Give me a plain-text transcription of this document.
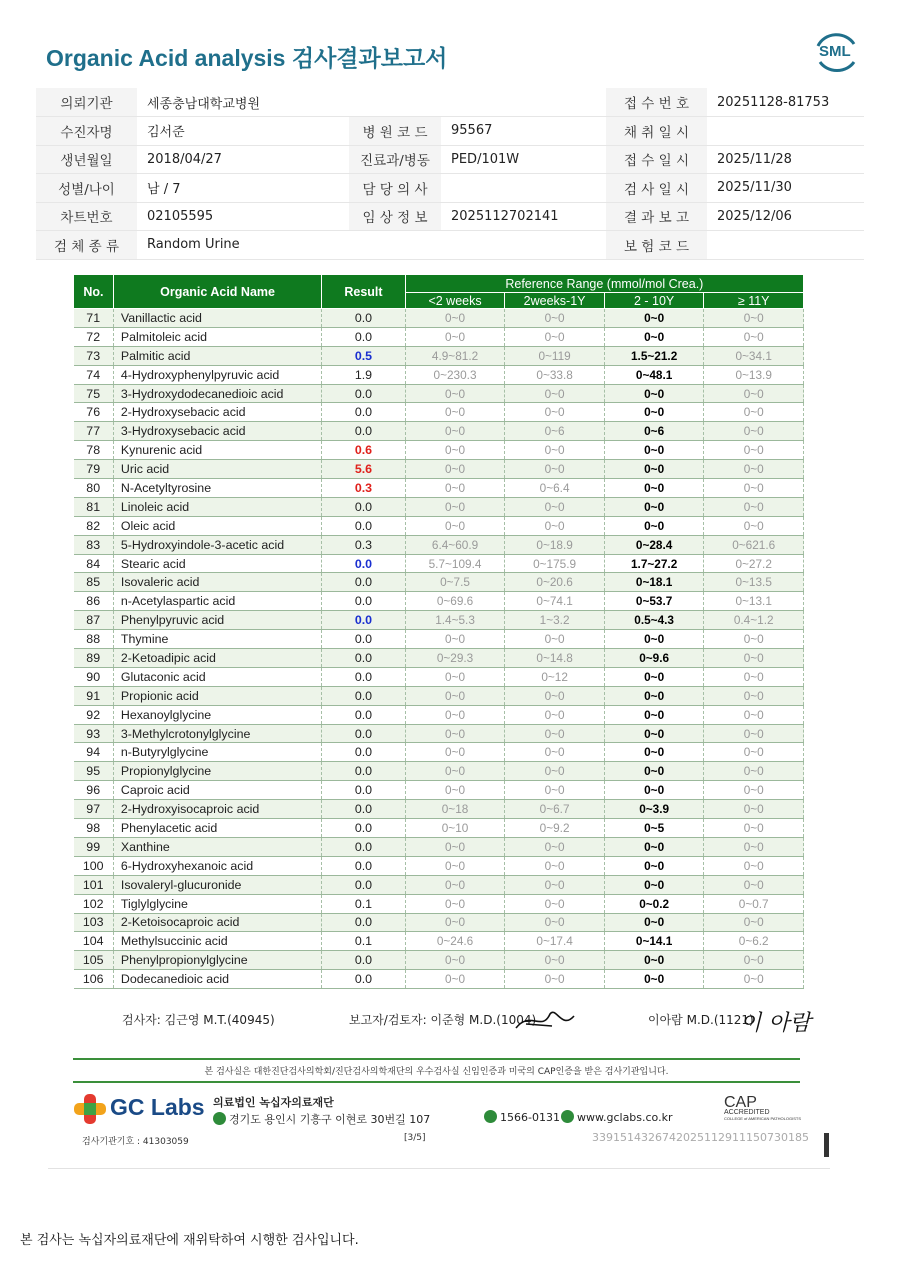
Organic Acid analysis 검사결과보고서	SML
의뢰기관	세종충남대학교병원			접 수 번 호	20251128-81753
수진자명	김서준	병 원 코 드	95567	채 취 일 시	
생년월일	2018/04/27	진료과/병동	PED/101W	접 수 일 시	2025/11/28
성별/나이	남 / 7	담 당 의 사		검 사 일 시	2025/11/30
차트번호	02105595	임 상 정 보	2025112702141	결 과 보 고	2025/12/06
검 체 종 류	Random Urine			보 험 코 드	
No.	Organic Acid Name	Result	Reference Range (mmol/mol Crea.)			
			<2 weeks	2weeks-1Y	2 - 10Y	≥ 11Y
71	Vanillactic acid	0.0	0~0	0~0	0~0	0~0
72	Palmitoleic acid	0.0	0~0	0~0	0~0	0~0
73	Palmitic acid	0.5	4.9~81.2	0~119	1.5~21.2	0~34.1
74	4-Hydroxyphenylpyruvic acid	1.9	0~230.3	0~33.8	0~48.1	0~13.9
75	3-Hydroxydodecanedioic acid	0.0	0~0	0~0	0~0	0~0
76	2-Hydroxysebacic acid	0.0	0~0	0~0	0~0	0~0
77	3-Hydroxysebacic acid	0.0	0~0	0~6	0~6	0~0
78	Kynurenic acid	0.6	0~0	0~0	0~0	0~0
79	Uric acid	5.6	0~0	0~0	0~0	0~0
80	N-Acetyltyrosine	0.3	0~0	0~6.4	0~0	0~0
81	Linoleic acid	0.0	0~0	0~0	0~0	0~0
82	Oleic acid	0.0	0~0	0~0	0~0	0~0
83	5-Hydroxyindole-3-acetic acid	0.3	6.4~60.9	0~18.9	0~28.4	0~621.6
84	Stearic acid	0.0	5.7~109.4	0~175.9	1.7~27.2	0~27.2
85	Isovaleric acid	0.0	0~7.5	0~20.6	0~18.1	0~13.5
86	n-Acetylaspartic acid	0.0	0~69.6	0~74.1	0~53.7	0~13.1
87	Phenylpyruvic acid	0.0	1.4~5.3	1~3.2	0.5~4.3	0.4~1.2
88	Thymine	0.0	0~0	0~0	0~0	0~0
89	2-Ketoadipic acid	0.0	0~29.3	0~14.8	0~9.6	0~0
90	Glutaconic acid	0.0	0~0	0~12	0~0	0~0
91	Propionic acid	0.0	0~0	0~0	0~0	0~0
92	Hexanoylglycine	0.0	0~0	0~0	0~0	0~0
93	3-Methylcrotonylglycine	0.0	0~0	0~0	0~0	0~0
94	n-Butyrylglycine	0.0	0~0	0~0	0~0	0~0
95	Propionylglycine	0.0	0~0	0~0	0~0	0~0
96	Caproic acid	0.0	0~0	0~0	0~0	0~0
97	2-Hydroxyisocaproic acid	0.0	0~18	0~6.7	0~3.9	0~0
98	Phenylacetic acid	0.0	0~10	0~9.2	0~5	0~0
99	Xanthine	0.0	0~0	0~0	0~0	0~0
100	6-Hydroxyhexanoic acid	0.0	0~0	0~0	0~0	0~0
101	Isovaleryl-glucuronide	0.0	0~0	0~0	0~0	0~0
102	Tiglylglycine	0.1	0~0	0~0	0~0.2	0~0.7
103	2-Ketoisocaproic acid	0.0	0~0	0~0	0~0	0~0
104	Methylsuccinic acid	0.1	0~24.6	0~17.4	0~14.1	0~6.2
105	Phenylpropionylglycine	0.0	0~0	0~0	0~0	0~0
106	Dodecanedioic acid	0.0	0~0	0~0	0~0	0~0
검사자: 김근영 M.T.(40945)	보고자/검토자: 이준형 M.D.(1004)	이아람 M.D.(1121)
이 아람
본 검사실은 대한진단검사의학회/진단검사의학재단의 우수검사실 신임인증과 미국의 CAP인증을 받은 검사기관입니다.
GC Labs 의료법인 녹십자의료재단
경기도 용인시 기흥구 이현로 30번길 107	1566-0131	www.gclabs.co.kr
CAP
ACCREDITED
COLLEGE of AMERICAN PATHOLOGISTS
검사기관기호 : 41303059	[3/5]	33915143267420251129111507301​85
본 검사는 녹십자의료재단에 재위탁하여 시행한 검사입니다.
